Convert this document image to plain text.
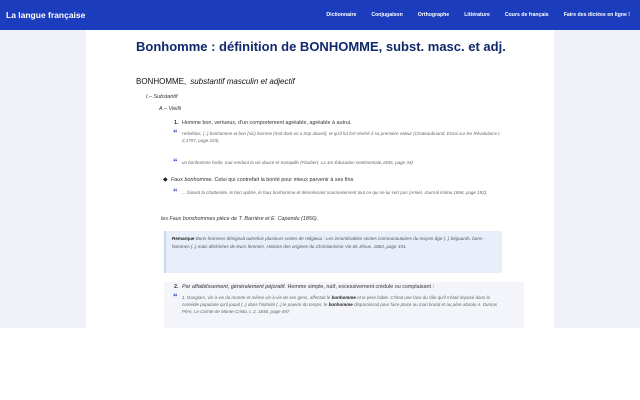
La langue française	Dictionnaire	Conjugaison	Orthographe	Littérature	Cours de français	Faire des dictées en ligne !
Bonhomme : définition de BONHOMME, subst. masc. et adj.
BONHOMME, substantif masculin et adjectif
I.– Substantif
A.– Vieilli
1. Homme bon, vertueux, d'un comportement agréable, agréable à autrui.
“ Helvétius, (..) bonhomme et bon (sic) homme (mot dont on a trop abusé), et qu'il fut fort révéré à sa première valeur (Chateaubriand, Essai sur les Révolutions t. 2,1797, page 223).
“ un bonhomme facile, tout rendant la vie douce et tranquille (Flaubert, La 1re Éducation sentimentale,1845, page 34)
◆ Faux bonhomme. Celui qui contrefait la bonté pour mieux parvenir à ses fins.
“ ... faisant la chattemite, le bon apôtre, le faux bonhomme et démolissant sournoisement tout ce qui ne lui sert pas (Amiel, Journal intime,1866, page 192).
les Faux bonshommes pièce de T. Barrière et E. Capendu (1856).
Remarque Bons-hommes désignait autrefois plusieurs sortes de religieux : Les innombrables sectes communautaires du moyen âge (..) béguards, bons-hommes (..) mais déchirées de leurs femmes, Histoire des origines du Christianisme Vie de Jésus, 1863, page 191.
2. Par affaiblissement, généralement péjoratif. Homme simple, naïf, excessivement crédule ou complaisant :
“ 1. Danglars, vis-à-vis du monde et même vis-à-vis de ses gens, affectait le bonhomme et le père faible. C'était une face du rôle qu'il s'était imposé dans la comédie populaire qu'il jouait (..) dans l'intimité (..) le pauvre du temps, le bonhomme disparaissait pour faire place au mari brutal et au père absolu A. Dumas Père, Le Comte de Monte-Cristo, t. 2, 1846, page 497.
